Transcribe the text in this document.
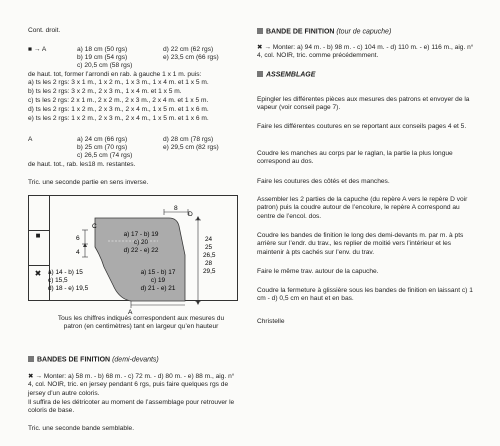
Cont. droit.
■ → A	a) 18 cm (50 rgs)	d) 22 cm (62 rgs)
b) 19 cm (54 rgs)	e) 23,5 cm (66 rgs)
c) 20,5 cm (58 rgs)
de haut. tot, former l’arrondi en rab. à gauche 1 x 1 m. puis:
a) ts les 2 rgs: 3 x 1 m., 1 x 2 m., 1 x 3 m., 1 x 4 m. et 1 x 5 m.
b) ts les 2 rgs: 3 x 2 m., 2 x 3 m., 1 x 4 m. et 1 x 5 m.
c) ts les 2 rgs: 2 x 1 m., 2 x 2 m., 2 x 3 m., 2 x 4 m. et 1 x 5 m.
d) ts les 2 rgs: 1 x 2 m., 2 x 3 m., 2 x 4 m., 1 x 5 m. et 1 x 6 m.
e) ts les 2 rgs: 1 x 2 m., 2 x 3 m., 2 x 4 m., 1 x 5 m. et 1 x 6 m.
A	a) 24 cm (66 rgs)	d) 28 cm (78 rgs)
b) 25 cm (70 rgs)	e) 29,5 cm (82 rgs)
c) 26,5 cm (74 rgs)
de haut. tot., rab. les18 m. restantes.
Tric. une seconde partie en sens inverse.
■
✖
8
D
C
6
4
a) 17 - b) 19
c) 20
d) 22 - e) 22
24
25
26,5
28
29,5
a) 14 - b) 15
c) 15,5
d) 18 - e) 19,5
a) 15 - b) 17
c) 19
d) 21 - e) 21
A
Tous les chiffres indiqués correspondent aux mesures du patron (en centimètres) tant en largeur qu’en hauteur
BANDES DE FINITION (demi-devants)
✖ → Monter: a) 58 m. - b) 68 m. - c) 72 m. - d) 80 m. - e) 88 m., aig. n° 4, col. NOIR, tric. en jersey pendant 6 rgs, puis faire quelques rgs de jersey d’un autre coloris.
Il suffira de les détricoter au moment de l’assemblage pour retrouver le coloris de base.
Tric. une seconde bande semblable.
BANDE DE FINITION (tour de capuche)
✖ → Monter: a) 94 m. - b) 98 m. - c) 104 m. - d) 110 m. - e) 116 m., aig. n° 4, col. NOIR, tric. comme précédemment.
ASSEMBLAGE
Epingler les différentes pièces aux mesures des patrons et envoyer de la vapeur (voir conseil page 7).
Faire les différentes coutures en se reportant aux conseils pages 4 et 5.
Coudre les manches au corps par le raglan, la partie la plus longue correspond au dos.
Faire les coutures des côtés et des manches.
Assembler les 2 parties de la capuche (du repère A vers le repère D voir patron) puis la coudre autour de l’encolure, le repère A correspond au centre de l’encol. dos.
Coudre les bandes de finition le long des demi-devants m. par m. à pts arrière sur l’endr. du trav., les replier de moitié vers l’intérieur et les maintenir à pts cachés sur l’env. du trav.
Faire le même trav. autour de la capuche.
Coudre la fermeture à glissière sous les bandes de finition en laissant c) 1 cm - d) 0,5 cm en haut et en bas.
Christelle
